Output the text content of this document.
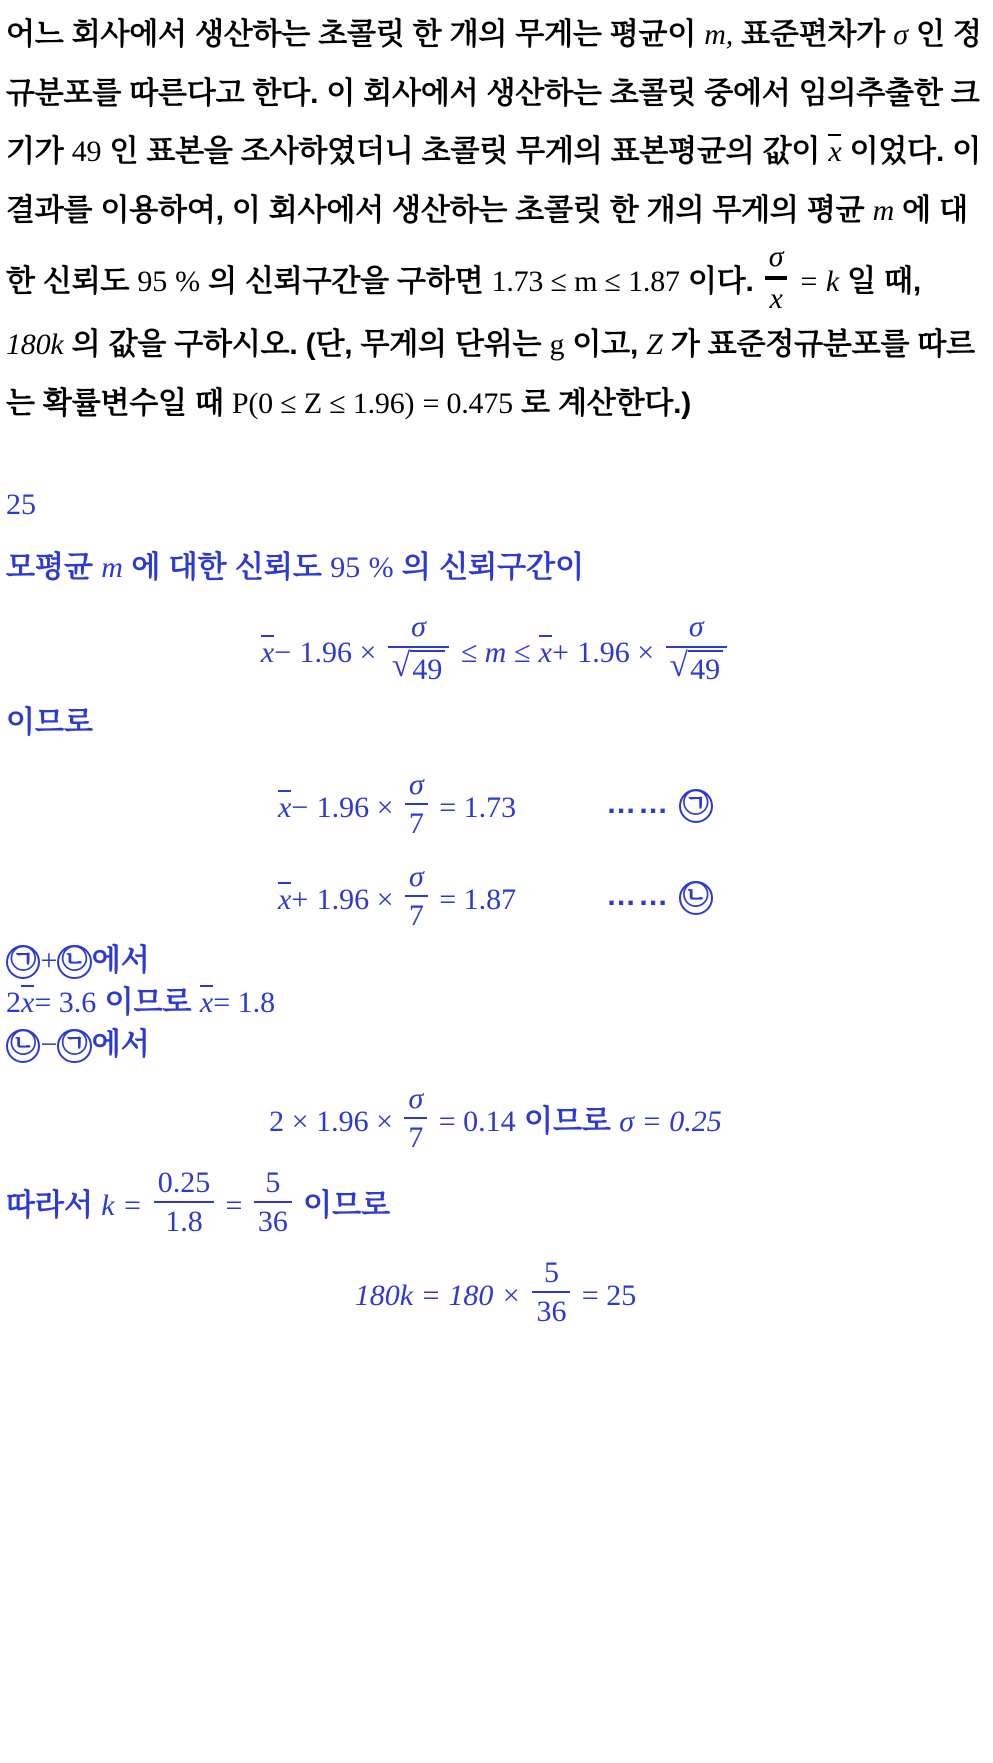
어느 회사에서 생산하는 초콜릿 한 개의 무게는 평균이 m, 표준편차가 σ 인 정규분포를 따른다고 한다. 이 회사에서 생산하는 초콜릿 중에서 임의추출한 크기가 49 인 표본을 조사하였더니 초콜릿 무게의 표본평균의 값이 x 이었다. 이 결과를 이용하여, 이 회사에서 생산하는 초콜릿 한 개의 무게의 평균 m 에 대한 신뢰도 95 % 의 신뢰구간을 구하면 1.73 ≤ m ≤ 1.87 이다. $\frac{\sigma}{x} = k$ 일 때, 180k 의 값을 구하시오. (단, 무게의 단위는 g 이고, Z 가 표준정규분포를 따르는 확률변수일 때 P(0 ≤ Z ≤ 1.96) = 0.475 로 계산한다.)

25
모평균 m 에 대한 신뢰도 95 % 의 신뢰구간이
x− 1.96 × σ
√ 49 ≤ m ≤ x+ 1.96 × σ
√ 49
이므로
$x- 1.96 \times \frac{\sigma}{7} = 1.73$	…… ㉠
$x+ 1.96 \times \frac{\sigma}{7} = 1.87$	…… ㉡
㉠ + ㉡ 에서
2x= 3.6 이므로 x= 1.8
㉡ − ㉠ 에서
$2 \times 1.96 \times \frac{\sigma}{7} = 0.14$ 이므로 σ = 0.25
따라서 $k = \frac{0.25}{1.8} = \frac{5}{36}$ 이므로
$180k = 180 \times \frac{5}{36} = 25$
